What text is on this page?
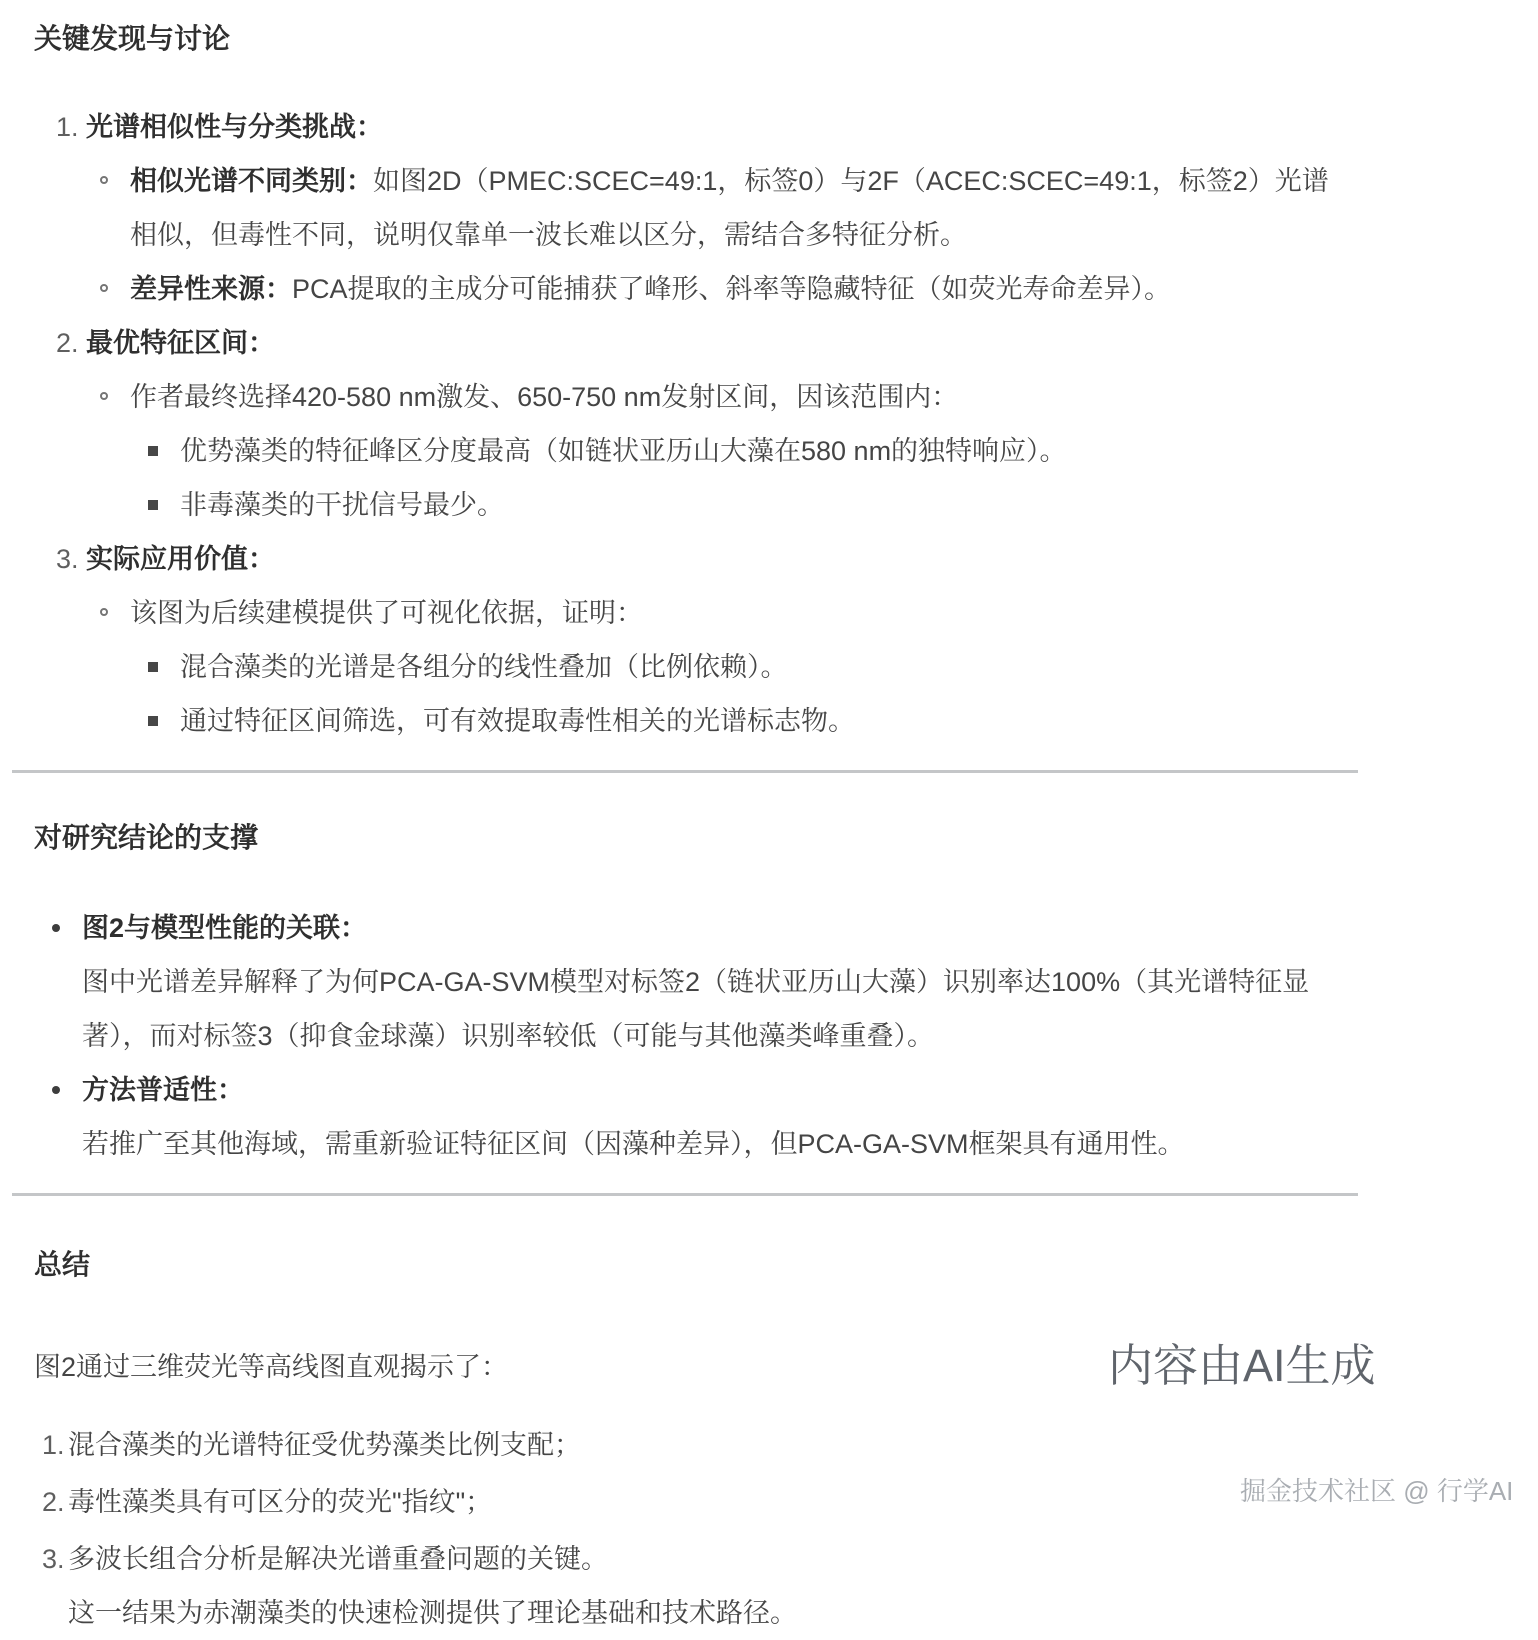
关键发现与讨论
1. 光谱相似性与分类挑战：
相似光谱不同类别：如图2D（PMEC:SCEC=49:1，标签0）与2F（ACEC:SCEC=49:1，标签2）光谱相似，但毒性不同，说明仅靠单一波长难以区分，需结合多特征分析。
差异性来源：PCA提取的主成分可能捕获了峰形、斜率等隐藏特征（如荧光寿命差异）。
2. 最优特征区间：
作者最终选择420-580 nm激发、650-750 nm发射区间，因该范围内：
优势藻类的特征峰区分度最高（如链状亚历山大藻在580 nm的独特响应）。
非毒藻类的干扰信号最少。
3. 实际应用价值：
该图为后续建模提供了可视化依据，证明：
混合藻类的光谱是各组分的线性叠加（比例依赖）。
通过特征区间筛选，可有效提取毒性相关的光谱标志物。
对研究结论的支撑
图2与模型性能的关联：
图中光谱差异解释了为何PCA-GA-SVM模型对标签2（链状亚历山大藻）识别率达100%（其光谱特征显著），而对标签3（抑食金球藻）识别率较低（可能与其他藻类峰重叠）。
方法普适性：
若推广至其他海域，需重新验证特征区间（因藻种差异），但PCA-GA-SVM框架具有通用性。
总结

图2通过三维荧光等高线图直观揭示了：

1. 混合藻类的光谱特征受优势藻类比例支配；
2. 毒性藻类具有可区分的荧光"指纹"；
3. 多波长组合分析是解决光谱重叠问题的关键。
这一结果为赤潮藻类的快速检测提供了理论基础和技术路径。
内容由AI生成
掘金技术社区 @ 行学AI
